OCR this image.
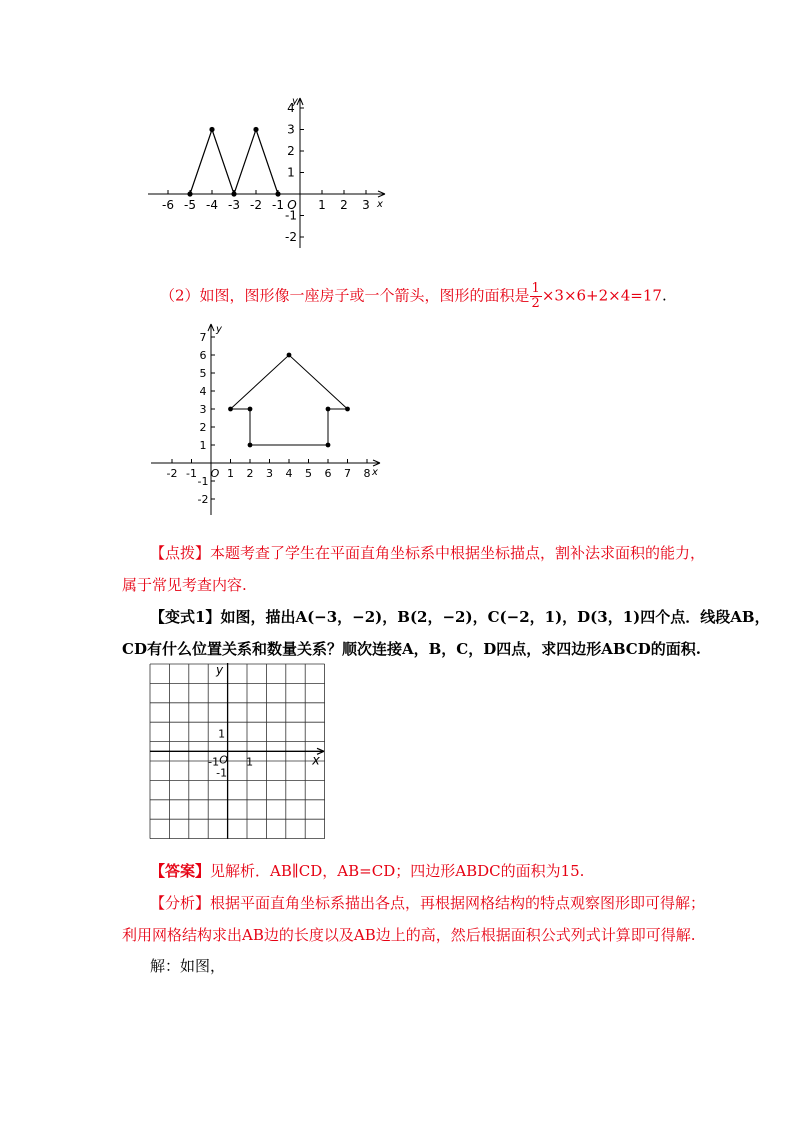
y
x
O
-6 -5 -4 -3 -2 -1	1 2 3
4
3
2
1
-1
-2
（2）如图，图形像一座房子或一个箭头，图形的面积是 $\frac{1}{2} \times 3\times 6+2\times 4=17$.
y
x
O
-2 -1	1 2 3 4 5 6 7 8
7
6
5
4
3
2
1
-1
-2
【点拨】本题考查了学生在平面直角坐标系中根据坐标描点，割补法求面积的能力，
属于常见考查内容.
【变式1】如图，描出A(−3，−2)，B(2，−2)，C(−2，1)，D(3，1)四个点．线段AB，
CD有什么位置关系和数量关系？顺次连接A，B，C，D四点，求四边形ABCD的面积.
y
x
1
-1 O 1
-1
【答案】见解析．AB∥CD，AB=CD；四边形ABDC的面积为15.
【分析】根据平面直角坐标系描出各点，再根据网格结构的特点观察图形即可得解；
利用网格结构求出AB边的长度以及AB边上的高，然后根据面积公式列式计算即可得解.
解：如图，
